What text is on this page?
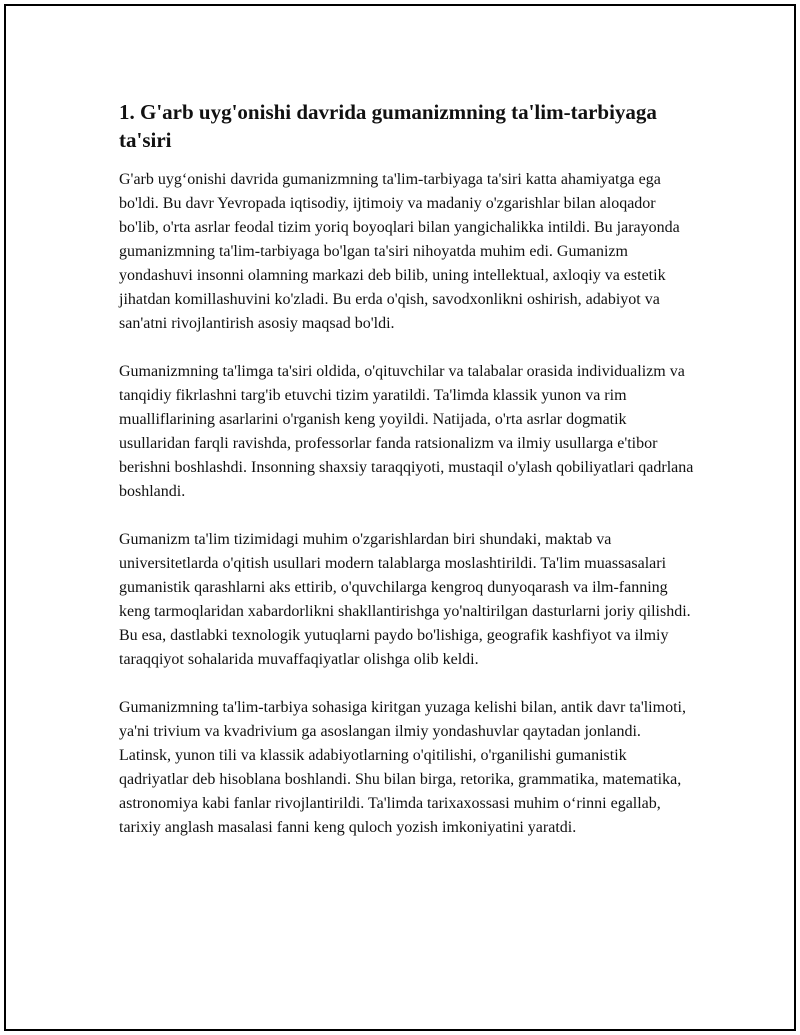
1. G'arb uyg'onishi davrida gumanizmning ta'lim-tarbiyaga ta'siri

G'arb uyg‘onishi davrida gumanizmning ta'lim-tarbiyaga ta'siri katta ahamiyatga ega bo'ldi. Bu davr Yevropada iqtisodiy, ijtimoiy va madaniy o'zgarishlar bilan aloqador bo'lib, o'rta asrlar feodal tizim yoriq boyoqlari bilan yangichalikka intildi. Bu jarayonda gumanizmning ta'lim-tarbiyaga bo'lgan ta'siri nihoyatda muhim edi. Gumanizm yondashuvi insonni olamning markazi deb bilib, uning intellektual, axloqiy va estetik jihatdan komillashuvini ko'zladi. Bu erda o'qish, savodxonlikni oshirish, adabiyot va san'atni rivojlantirish asosiy maqsad bo'ldi.

Gumanizmning ta'limga ta'siri oldida, o'qituvchilar va talabalar orasida individualizm va tanqidiy fikrlashni targ'ib etuvchi tizim yaratildi. Ta'limda klassik yunon va rim mualliflarining asarlarini o'rganish keng yoyildi. Natijada, o'rta asrlar dogmatik usullaridan farqli ravishda, professorlar fanda ratsionalizm va ilmiy usullarga e'tibor berishni boshlashdi. Insonning shaxsiy taraqqiyoti, mustaqil o'ylash qobiliyatlari qadrlana boshlandi.

Gumanizm ta'lim tizimidagi muhim o'zgarishlardan biri shundaki, maktab va universitetlarda o'qitish usullari modern talablarga moslashtirildi. Ta'lim muassasalari gumanistik qarashlarni aks ettirib, o'quvchilarga kengroq dunyoqarash va ilm-fanning keng tarmoqlaridan xabardorlikni shakllantirishga yo'naltirilgan dasturlarni joriy qilishdi. Bu esa, dastlabki texnologik yutuqlarni paydo bo'lishiga, geografik kashfiyot va ilmiy taraqqiyot sohalarida muvaffaqiyatlar olishga olib keldi.

Gumanizmning ta'lim-tarbiya sohasiga kiritgan yuzaga kelishi bilan, antik davr ta'limoti, ya'ni trivium va kvadrivium ga asoslangan ilmiy yondashuvlar qaytadan jonlandi. Latinsk, yunon tili va klassik adabiyotlarning o'qitilishi, o'rganilishi gumanistik qadriyatlar deb hisoblana boshlandi. Shu bilan birga, retorika, grammatika, matematika, astronomiya kabi fanlar rivojlantirildi. Ta'limda tarixaxossasi muhim o‘rinni egallab, tarixiy anglash masalasi fanni keng quloch yozish imkoniyatini yaratdi.
